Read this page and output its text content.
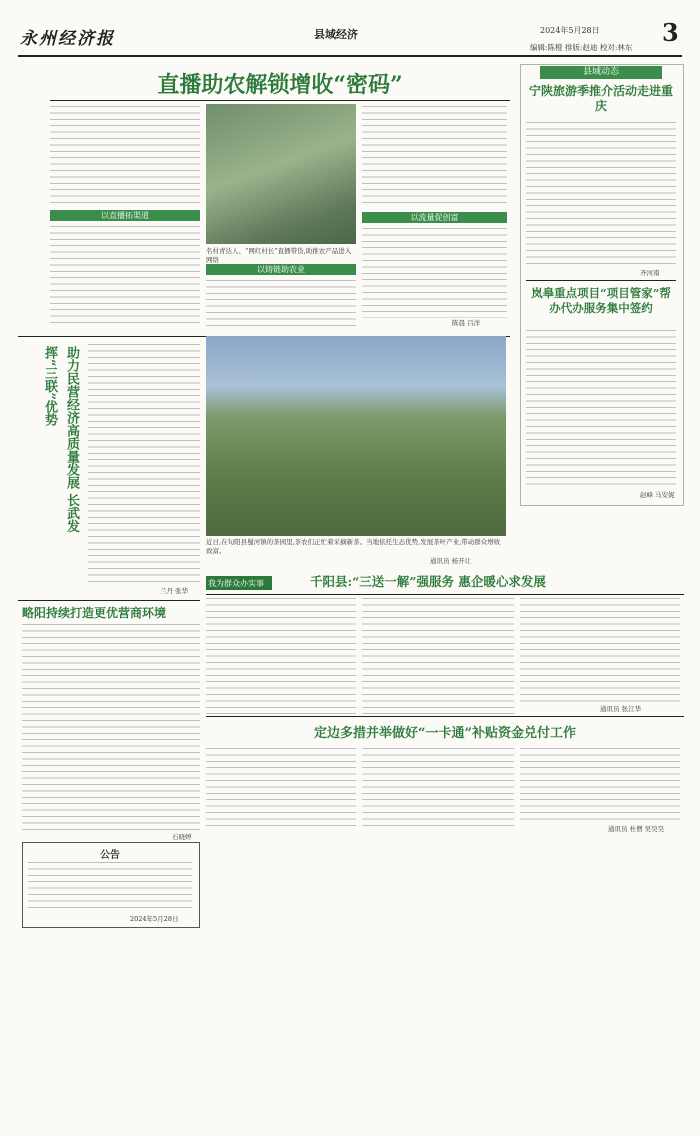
永州经济报	县域经济	2024年5月28日	3
编辑:陈橙 排版:赵迪 校对:林东
直播助农解锁增收“密码”
以直播拓渠道
名村青达人、“网红村长”直播带货,助推农产品进入网络
以铸链助农业
以流量促创富
陈晨 吕洋
县域动态
宁陕旅游季推介活动走进重庆
齐河南
岚皋重点项目“项目管家”帮办代办服务集中签约
赵峰 马安妮
助力民营经济高质量发展 长武发挥“三联”优势
兰丹 张华
近日,在旬阳县蜀河镇的茶园里,茶农们正忙着采摘新茶。当地依托生态优势,发展茶叶产业,带动群众增收致富。
通讯员 杨开让
我为群众办实事	千阳县:“三送一解”强服务 惠企暖心求发展
通讯员 张江华
略阳持续打造更优营商环境
石晓婷
定边多措并举做好“一卡通”补贴资金兑付工作
通讯员 杜僧 吴昊昊
公告
2024年5月28日
